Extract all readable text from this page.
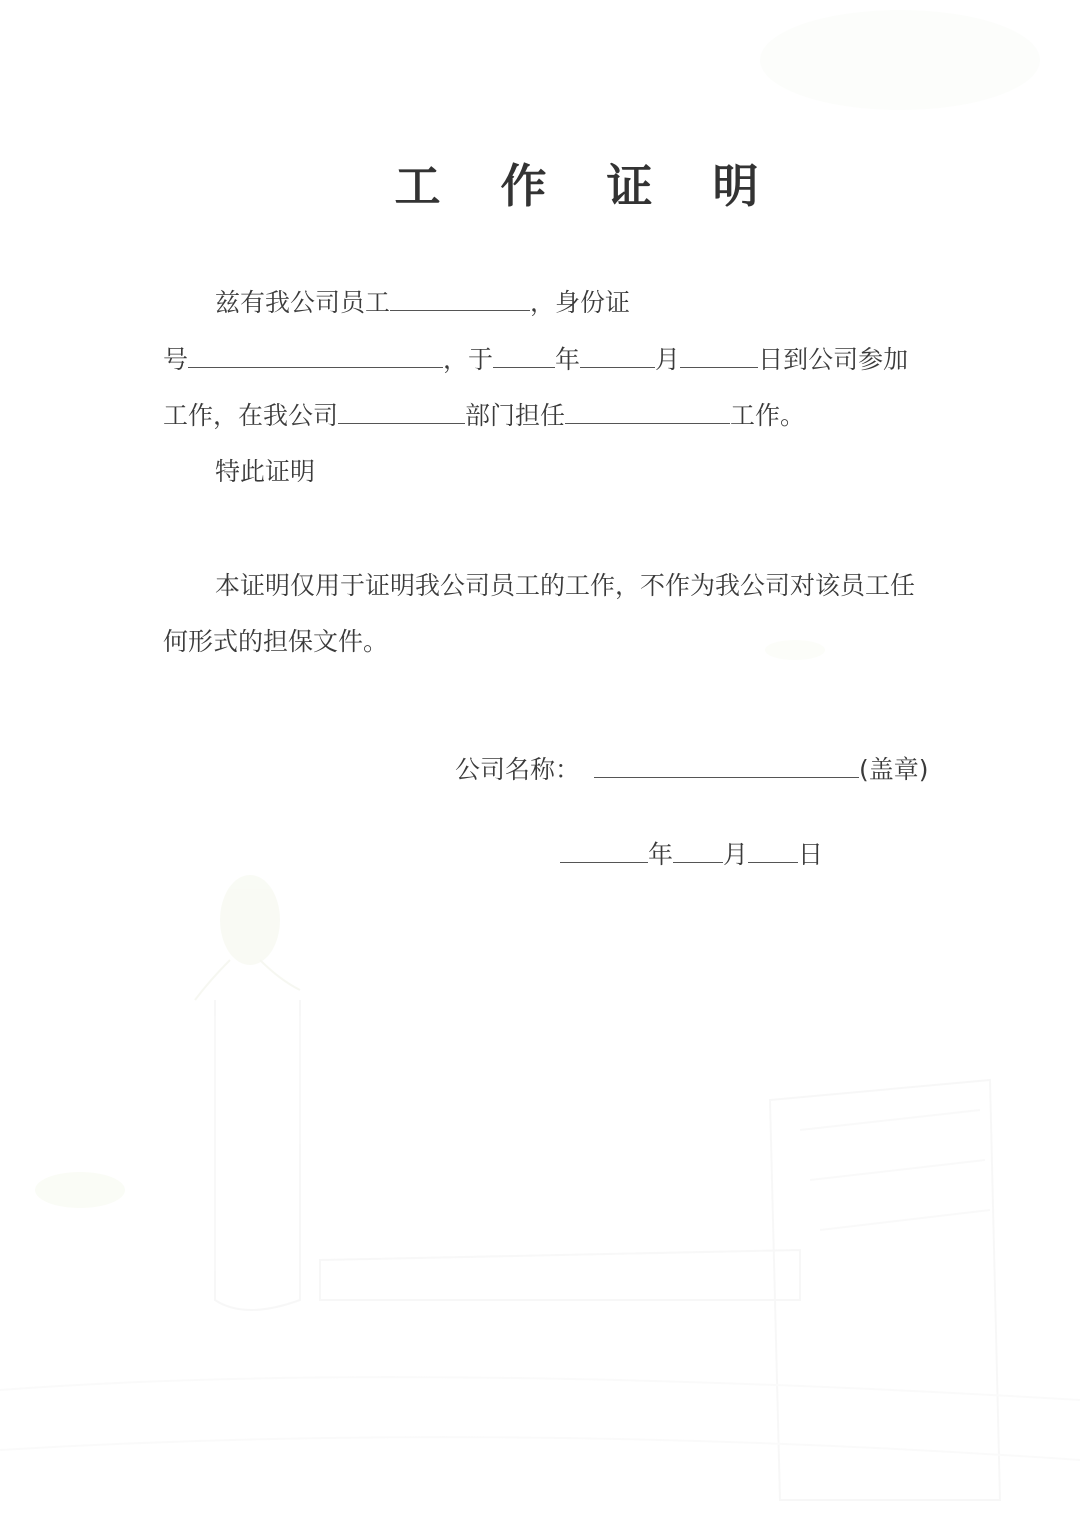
工 作 证 明
兹有我公司员工	，身份证
号	，于 年	月	日到公司参加
工作，在我公司	部门担任	工作。
特此证明
本证明仅用于证明我公司员工的工作，不作为我公司对该员工任
何形式的担保文件。
公司名称：	(盖章)
年 月 日
